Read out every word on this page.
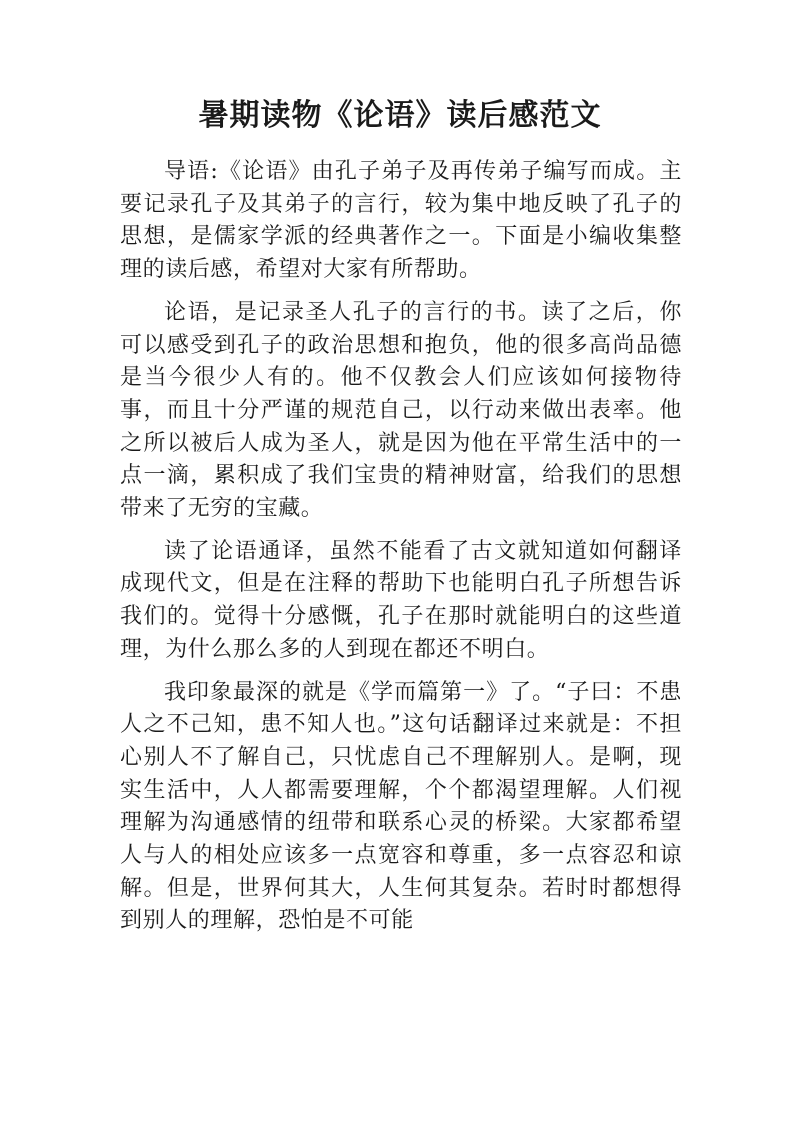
暑期读物《论语》读后感范文

导语:《论语》由孔子弟子及再传弟子编写而成。主要记录孔子及其弟子的言行，较为集中地反映了孔子的思想，是儒家学派的经典著作之一。下面是小编收集整理的读后感，希望对大家有所帮助。

论语，是记录圣人孔子的言行的书。读了之后，你可以感受到孔子的政治思想和抱负，他的很多高尚品德是当今很少人有的。他不仅教会人们应该如何接物待事，而且十分严谨的规范自己，以行动来做出表率。他之所以被后人成为圣人，就是因为他在平常生活中的一点一滴，累积成了我们宝贵的精神财富，给我们的思想带来了无穷的宝藏。

读了论语通译，虽然不能看了古文就知道如何翻译成现代文，但是在注释的帮助下也能明白孔子所想告诉我们的。觉得十分感慨，孔子在那时就能明白的这些道理，为什么那么多的人到现在都还不明白。

我印象最深的就是《学而篇第一》了。“子曰：不患人之不己知，患不知人也。”这句话翻译过来就是：不担心别人不了解自己，只忧虑自己不理解别人。是啊，现实生活中，人人都需要理解，个个都渴望理解。人们视理解为沟通感情的纽带和联系心灵的桥梁。大家都希望人与人的相处应该多一点宽容和尊重，多一点容忍和谅解。但是，世界何其大，人生何其复杂。若时时都想得到别人的理解，恐怕是不可能
